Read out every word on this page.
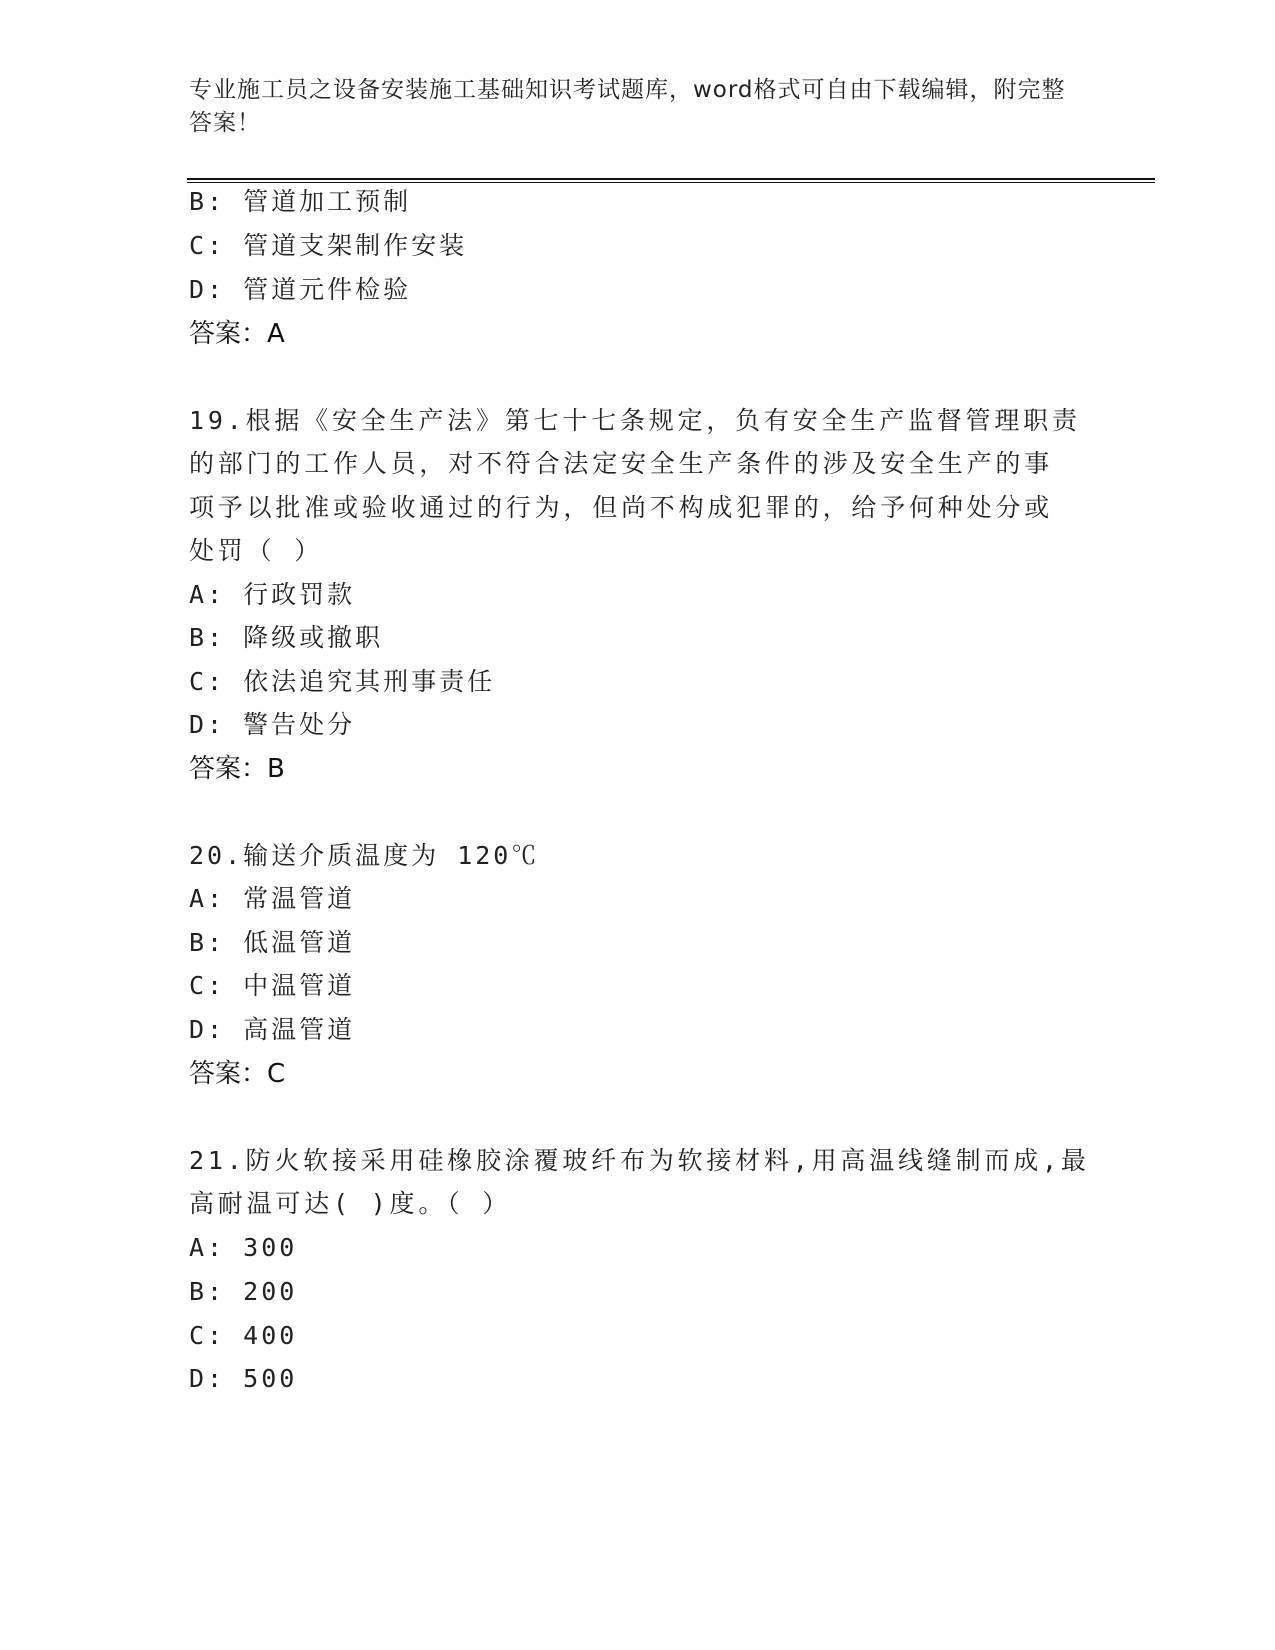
专业施工员之设备安装施工基础知识考试题库，word格式可自由下载编辑，附完整答案！

B: 管道加工预制

C: 管道支架制作安装

D: 管道元件检验

答案：A

19.根据《安全生产法》第七十七条规定，负有安全生产监督管理职责

的部门的工作人员，对不符合法定安全生产条件的涉及安全生产的事

项予以批准或验收通过的行为，但尚不构成犯罪的，给予何种处分或

处罚（ ）

A: 行政罚款

B: 降级或撤职

C: 依法追究其刑事责任

D: 警告处分

答案：B

20.输送介质温度为 120℃

A: 常温管道

B: 低温管道

C: 中温管道

D: 高温管道

答案：C

21.防火软接采用硅橡胶涂覆玻纤布为软接材料,用高温线缝制而成,最

高耐温可达( )度。（ ）

A: 300

B: 200

C: 400

D: 500
